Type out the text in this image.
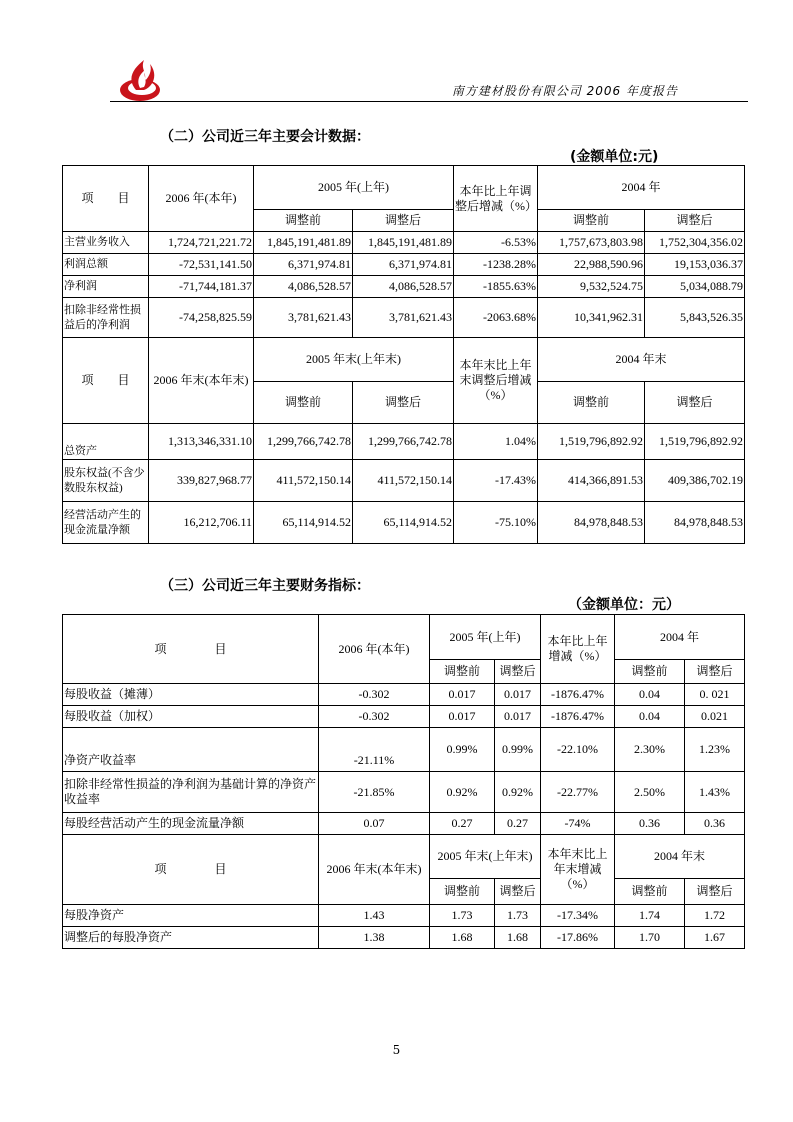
南方建材股份有限公司 2006 年度报告
（二）公司近三年主要会计数据：
(金额单位:元)
项　　目	2006 年(本年)	2005 年(上年)		本年比上年调整后增减（%）	2004 年	
		调整前	调整后		调整前	调整后
主营业务收入	1,724,721,221.72	1,845,191,481.89	1,845,191,481.89	-6.53%	1,757,673,803.98	1,752,304,356.02
利润总额	-72,531,141.50	6,371,974.81	6,371,974.81	-1238.28%	22,988,590.96	19,153,036.37
净利润	-71,744,181.37	4,086,528.57	4,086,528.57	-1855.63%	9,532,524.75	5,034,088.79
扣除非经常性损益后的净利润	-74,258,825.59	3,781,621.43	3,781,621.43	-2063.68%	10,341,962.31	5,843,526.35
项　　目	2006 年末(本年末)	2005 年末(上年末)		本年末比上年末调整后增减（%）	2004 年末	
		调整前	调整后		调整前	调整后
总资产	1,313,346,331.10	1,299,766,742.78	1,299,766,742.78	1.04%	1,519,796,892.92	1,519,796,892.92
股东权益(不含少数股东权益)	339,827,968.77	411,572,150.14	411,572,150.14	-17.43%	414,366,891.53	409,386,702.19
经营活动产生的现金流量净额	16,212,706.11	65,114,914.52	65,114,914.52	-75.10%	84,978,848.53	84,978,848.53
（三）公司近三年主要财务指标：
（金额单位：元）
项　　　　目	2006 年(本年)	2005 年(上年)		本年比上年增减（%）	2004 年	
		调整前	调整后		调整前	调整后
每股收益（摊薄）	-0.302	0.017	0.017	-1876.47%	0.04	0. 021
每股收益（加权）	-0.302	0.017	0.017	-1876.47%	0.04	0.021
净资产收益率	-21.11%	0.99%	0.99%	-22.10%	2.30%	1.23%
扣除非经常性损益的净利润为基础计算的净资产收益率	-21.85%	0.92%	0.92%	-22.77%	2.50%	1.43%
每股经营活动产生的现金流量净额	0.07	0.27	0.27	-74%	0.36	0.36
项　　　　目	2006 年末(本年末)	2005 年末(上年末)		本年末比上年末增减（%）	2004 年末	
		调整前	调整后		调整前	调整后
每股净资产	1.43	1.73	1.73	-17.34%	1.74	1.72
调整后的每股净资产	1.38	1.68	1.68	-17.86%	1.70	1.67
5
